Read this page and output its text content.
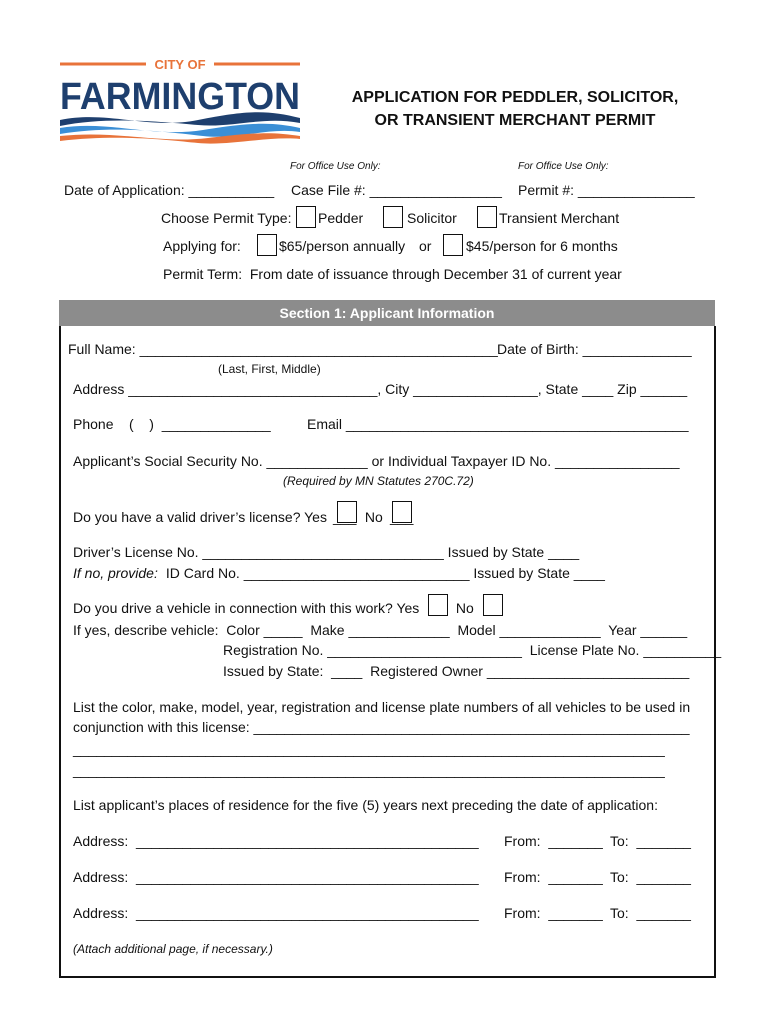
CITY OF
FARMINGTON	APPLICATION FOR PEDDLER, SOLICITOR,
OR TRANSIENT MERCHANT PERMIT
For Office Use Only:	For Office Use Only:
Date of Application: ___________ Case File #: _________________ Permit #: _______________
Choose Permit Type: Pedder	Solicitor	Transient Merchant
Applying for:	$65/person annually or $45/person for 6 months
Permit Term:  From date of issuance through December 31 of current year
Section 1: Applicant Information
Full Name: ______________________________________________ Date of Birth: ______________
(Last, First, Middle)
Address ________________________________, City ________________, State ____ Zip ______
Phone    (    )  ______________	Email ____________________________________________
Applicant’s Social Security No. _____________ or Individual Taxpayer ID No. ________________
(Required by MN Statutes 270C.72)
Do you have a valid driver’s license? Yes ___ No ___
Driver’s License No. _______________________________ Issued by State ____
If no, provide: ID Card No. _____________________________ Issued by State ____
Do you drive a vehicle in connection with this work? Yes No
If yes, describe vehicle:  Color _____  Make _____________  Model _____________  Year ______
Registration No. _________________________  License Plate No. __________
Issued by State:  ____  Registered Owner __________________________
List the color, make, model, year, registration and license plate numbers of all vehicles to be used in
conjunction with this license: ________________________________________________________
____________________________________________________________________________
____________________________________________________________________________
List applicant’s places of residence for the five (5) years next preceding the date of application:
Address:  ____________________________________________ From:  _______ To:  _______
Address:  ____________________________________________ From:  _______ To:  _______
Address:  ____________________________________________ From:  _______ To:  _______
(Attach additional page, if necessary.)
